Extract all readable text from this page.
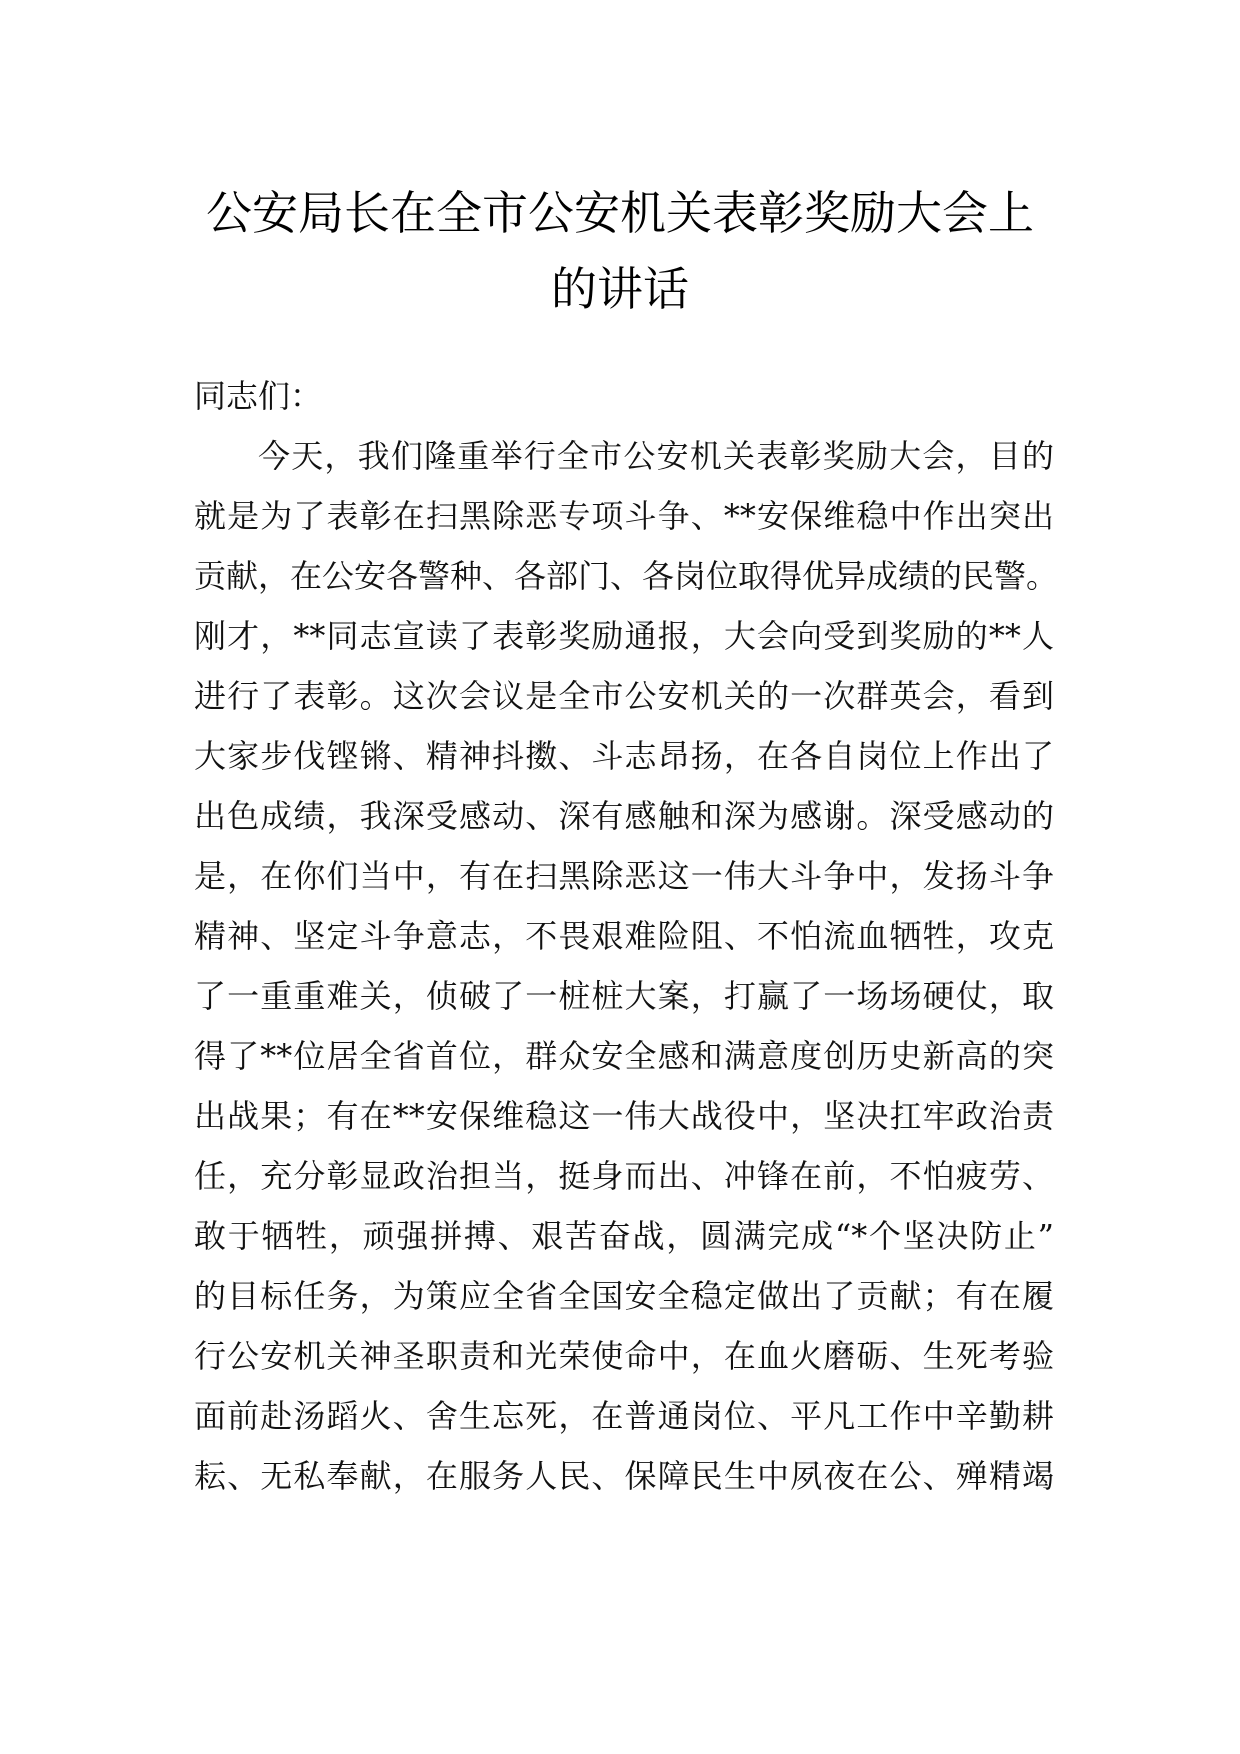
公安局长在全市公安机关表彰奖励大会上
的讲话
同志们：
今天，我们隆重举行全市公安机关表彰奖励大会，目的
就是为了表彰在扫黑除恶专项斗争、**安保维稳中作出突出
贡献，在公安各警种、各部门、各岗位取得优异成绩的民警。
刚才，**同志宣读了表彰奖励通报，大会向受到奖励的**人
进行了表彰。这次会议是全市公安机关的一次群英会，看到
大家步伐铿锵、精神抖擞、斗志昂扬，在各自岗位上作出了
出色成绩，我深受感动、深有感触和深为感谢。深受感动的
是，在你们当中，有在扫黑除恶这一伟大斗争中，发扬斗争
精神、坚定斗争意志，不畏艰难险阻、不怕流血牺牲，攻克
了一重重难关，侦破了一桩桩大案，打赢了一场场硬仗，取
得了**位居全省首位，群众安全感和满意度创历史新高的突
出战果；有在**安保维稳这一伟大战役中，坚决扛牢政治责
任，充分彰显政治担当，挺身而出、冲锋在前，不怕疲劳、
敢于牺牲，顽强拼搏、艰苦奋战，圆满完成“*个坚决防止”
的目标任务，为策应全省全国安全稳定做出了贡献；有在履
行公安机关神圣职责和光荣使命中，在血火磨砺、生死考验
面前赴汤蹈火、舍生忘死，在普通岗位、平凡工作中辛勤耕
耘、无私奉献，在服务人民、保障民生中夙夜在公、殚精竭
